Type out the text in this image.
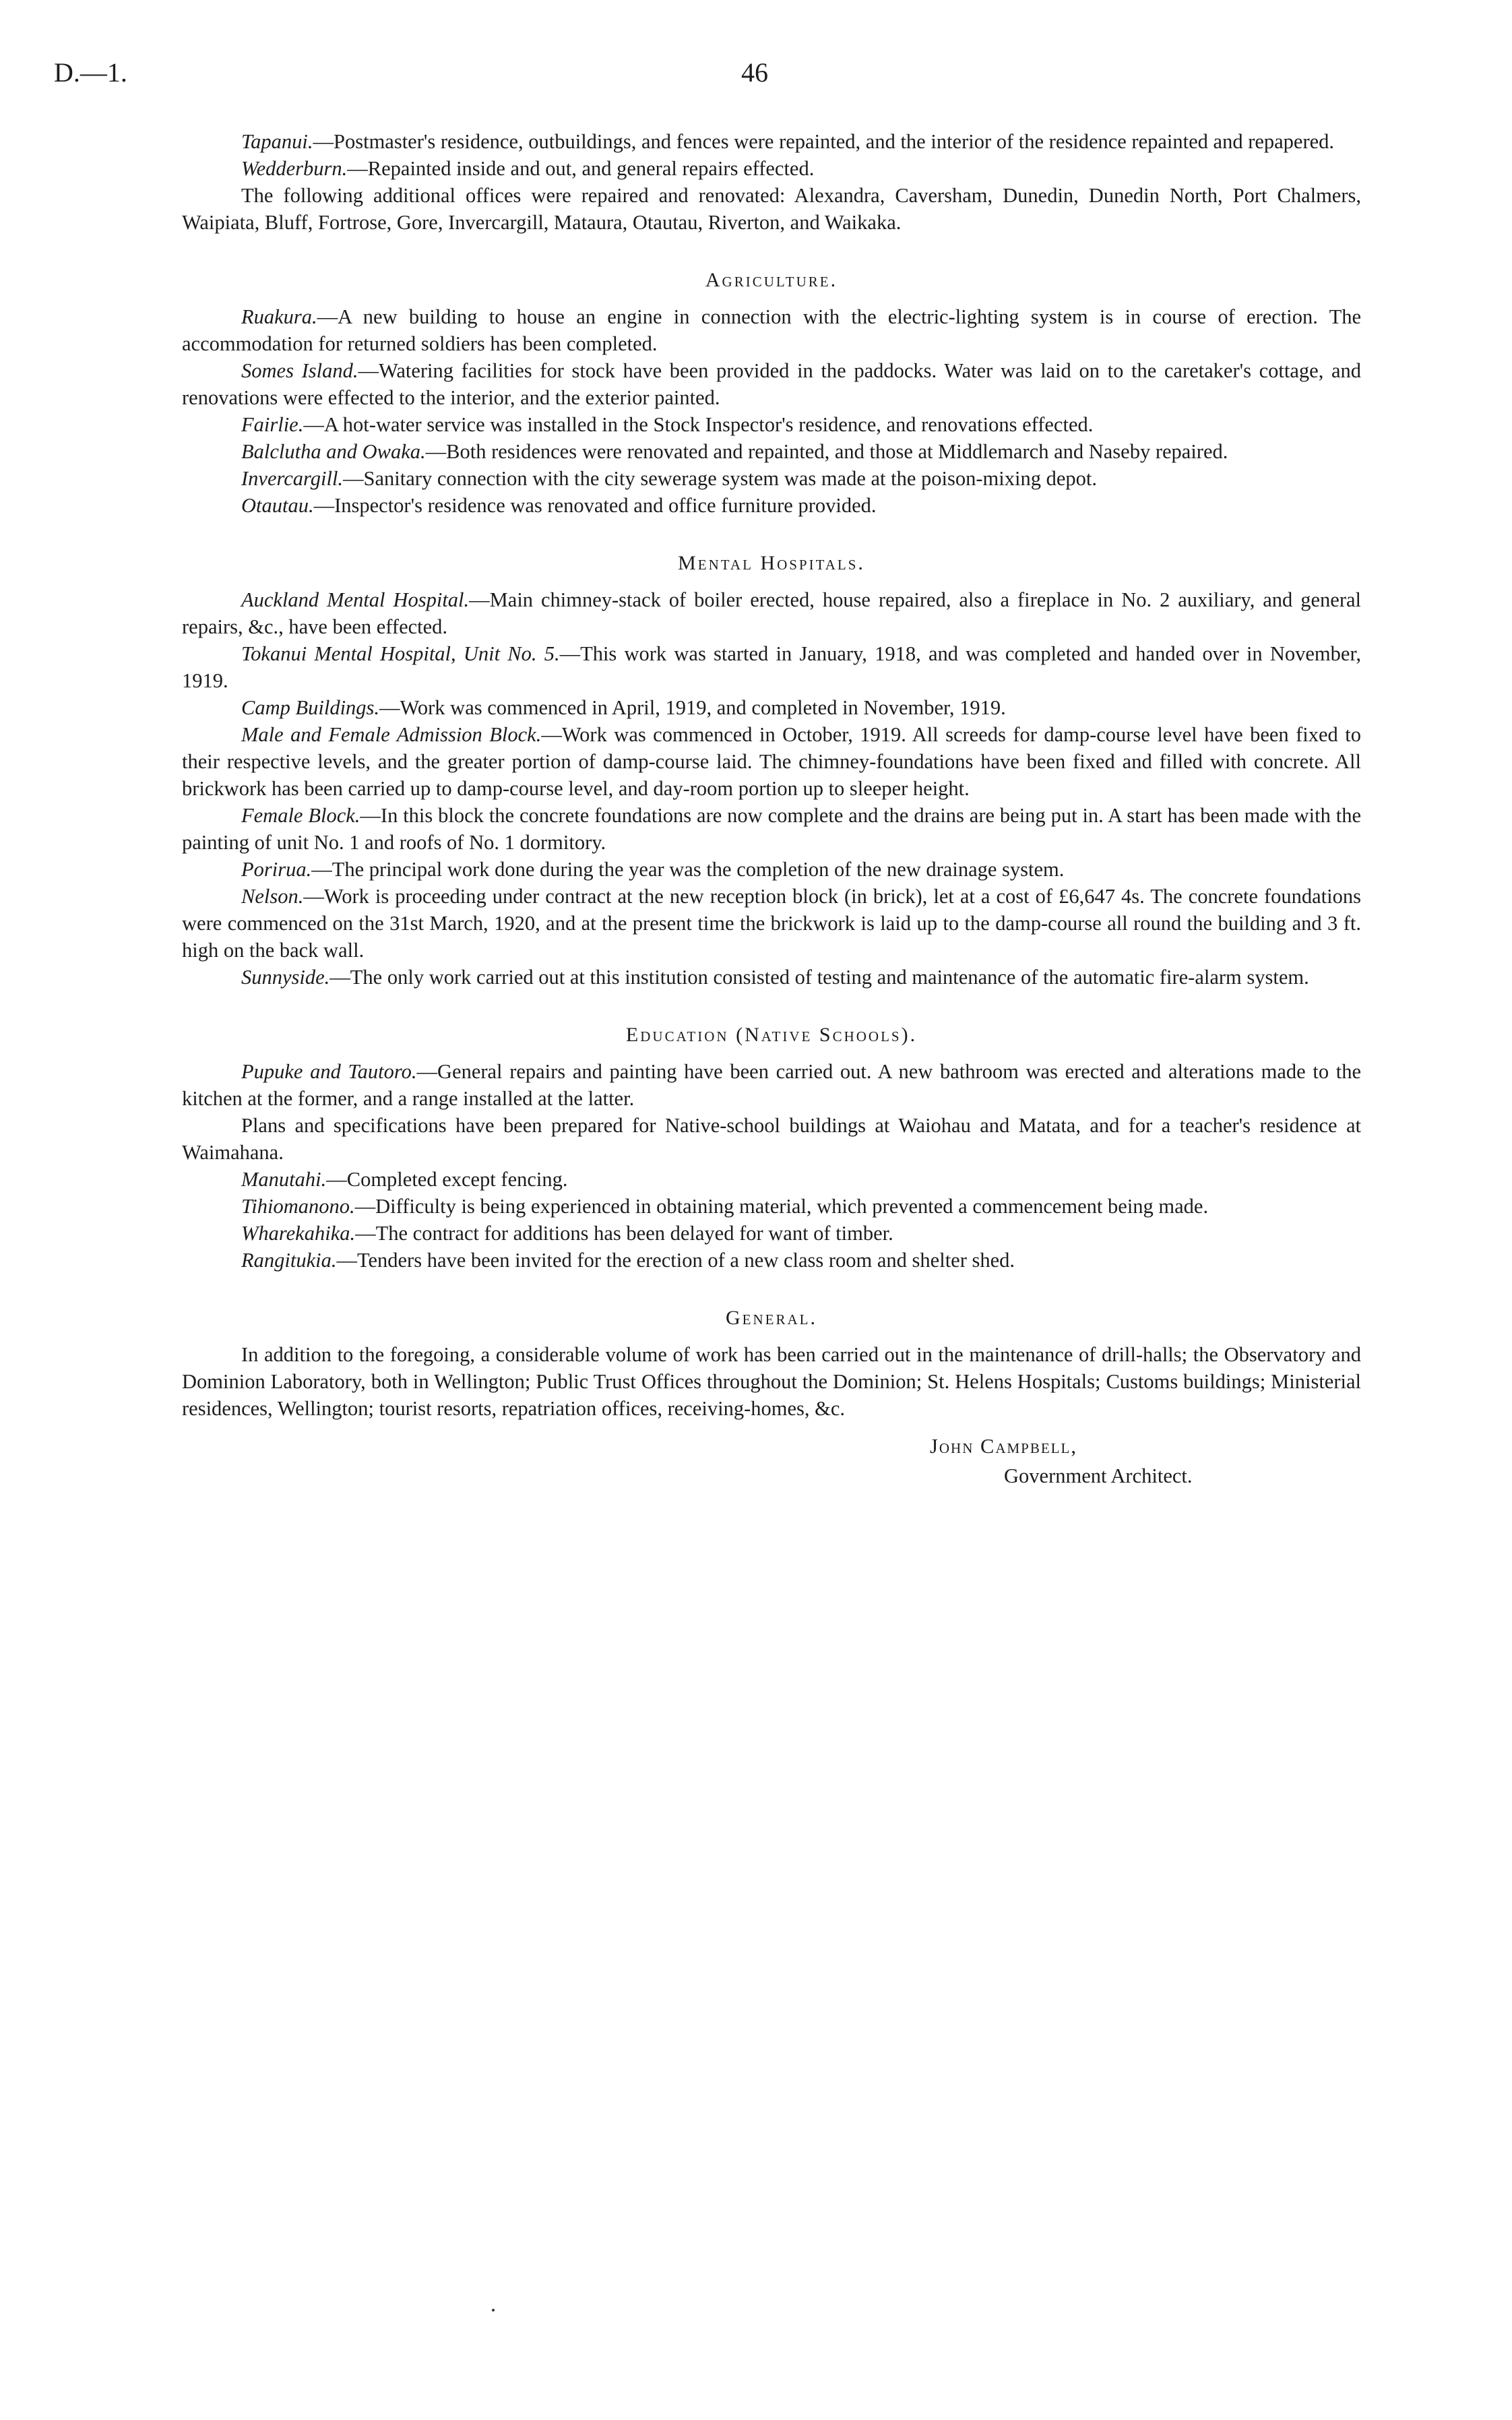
D.—1.	46

Tapanui.—Postmaster's residence, outbuildings, and fences were repainted, and the interior of the residence repainted and repapered.

Wedderburn.—Repainted inside and out, and general repairs effected.

The following additional offices were repaired and renovated: Alexandra, Caversham, Dunedin, Dunedin North, Port Chalmers, Waipiata, Bluff, Fortrose, Gore, Invercargill, Mataura, Otautau, Riverton, and Waikaka.

Agriculture.

Ruakura.—A new building to house an engine in connection with the electric-lighting system is in course of erection. The accommodation for returned soldiers has been completed.

Somes Island.—Watering facilities for stock have been provided in the paddocks. Water was laid on to the caretaker's cottage, and renovations were effected to the interior, and the exterior painted.

Fairlie.—A hot-water service was installed in the Stock Inspector's residence, and renovations effected.

Balclutha and Owaka.—Both residences were renovated and repainted, and those at Middlemarch and Naseby repaired.

Invercargill.—Sanitary connection with the city sewerage system was made at the poison-mixing depot.

Otautau.—Inspector's residence was renovated and office furniture provided.

Mental Hospitals.

Auckland Mental Hospital.—Main chimney-stack of boiler erected, house repaired, also a fireplace in No. 2 auxiliary, and general repairs, &c., have been effected.

Tokanui Mental Hospital, Unit No. 5.—This work was started in January, 1918, and was completed and handed over in November, 1919.

Camp Buildings.—Work was commenced in April, 1919, and completed in November, 1919.

Male and Female Admission Block.—Work was commenced in October, 1919. All screeds for damp-course level have been fixed to their respective levels, and the greater portion of damp-course laid. The chimney-foundations have been fixed and filled with concrete. All brickwork has been carried up to damp-course level, and day-room portion up to sleeper height.

Female Block.—In this block the concrete foundations are now complete and the drains are being put in. A start has been made with the painting of unit No. 1 and roofs of No. 1 dormitory.

Porirua.—The principal work done during the year was the completion of the new drainage system.

Nelson.—Work is proceeding under contract at the new reception block (in brick), let at a cost of £6,647 4s. The concrete foundations were commenced on the 31st March, 1920, and at the present time the brickwork is laid up to the damp-course all round the building and 3 ft. high on the back wall.

Sunnyside.—The only work carried out at this institution consisted of testing and maintenance of the automatic fire-alarm system.

Education (Native Schools).

Pupuke and Tautoro.—General repairs and painting have been carried out. A new bathroom was erected and alterations made to the kitchen at the former, and a range installed at the latter.

Plans and specifications have been prepared for Native-school buildings at Waiohau and Matata, and for a teacher's residence at Waimahana.

Manutahi.—Completed except fencing.

Tihiomanono.—Difficulty is being experienced in obtaining material, which prevented a commencement being made.

Wharekahika.—The contract for additions has been delayed for want of timber.

Rangitukia.—Tenders have been invited for the erection of a new class room and shelter shed.

General.

In addition to the foregoing, a considerable volume of work has been carried out in the maintenance of drill-halls; the Observatory and Dominion Laboratory, both in Wellington; Public Trust Offices throughout the Dominion; St. Helens Hospitals; Customs buildings; Ministerial residences, Wellington; tourist resorts, repatriation offices, receiving-homes, &c.

John Campbell,
Government Architect.
